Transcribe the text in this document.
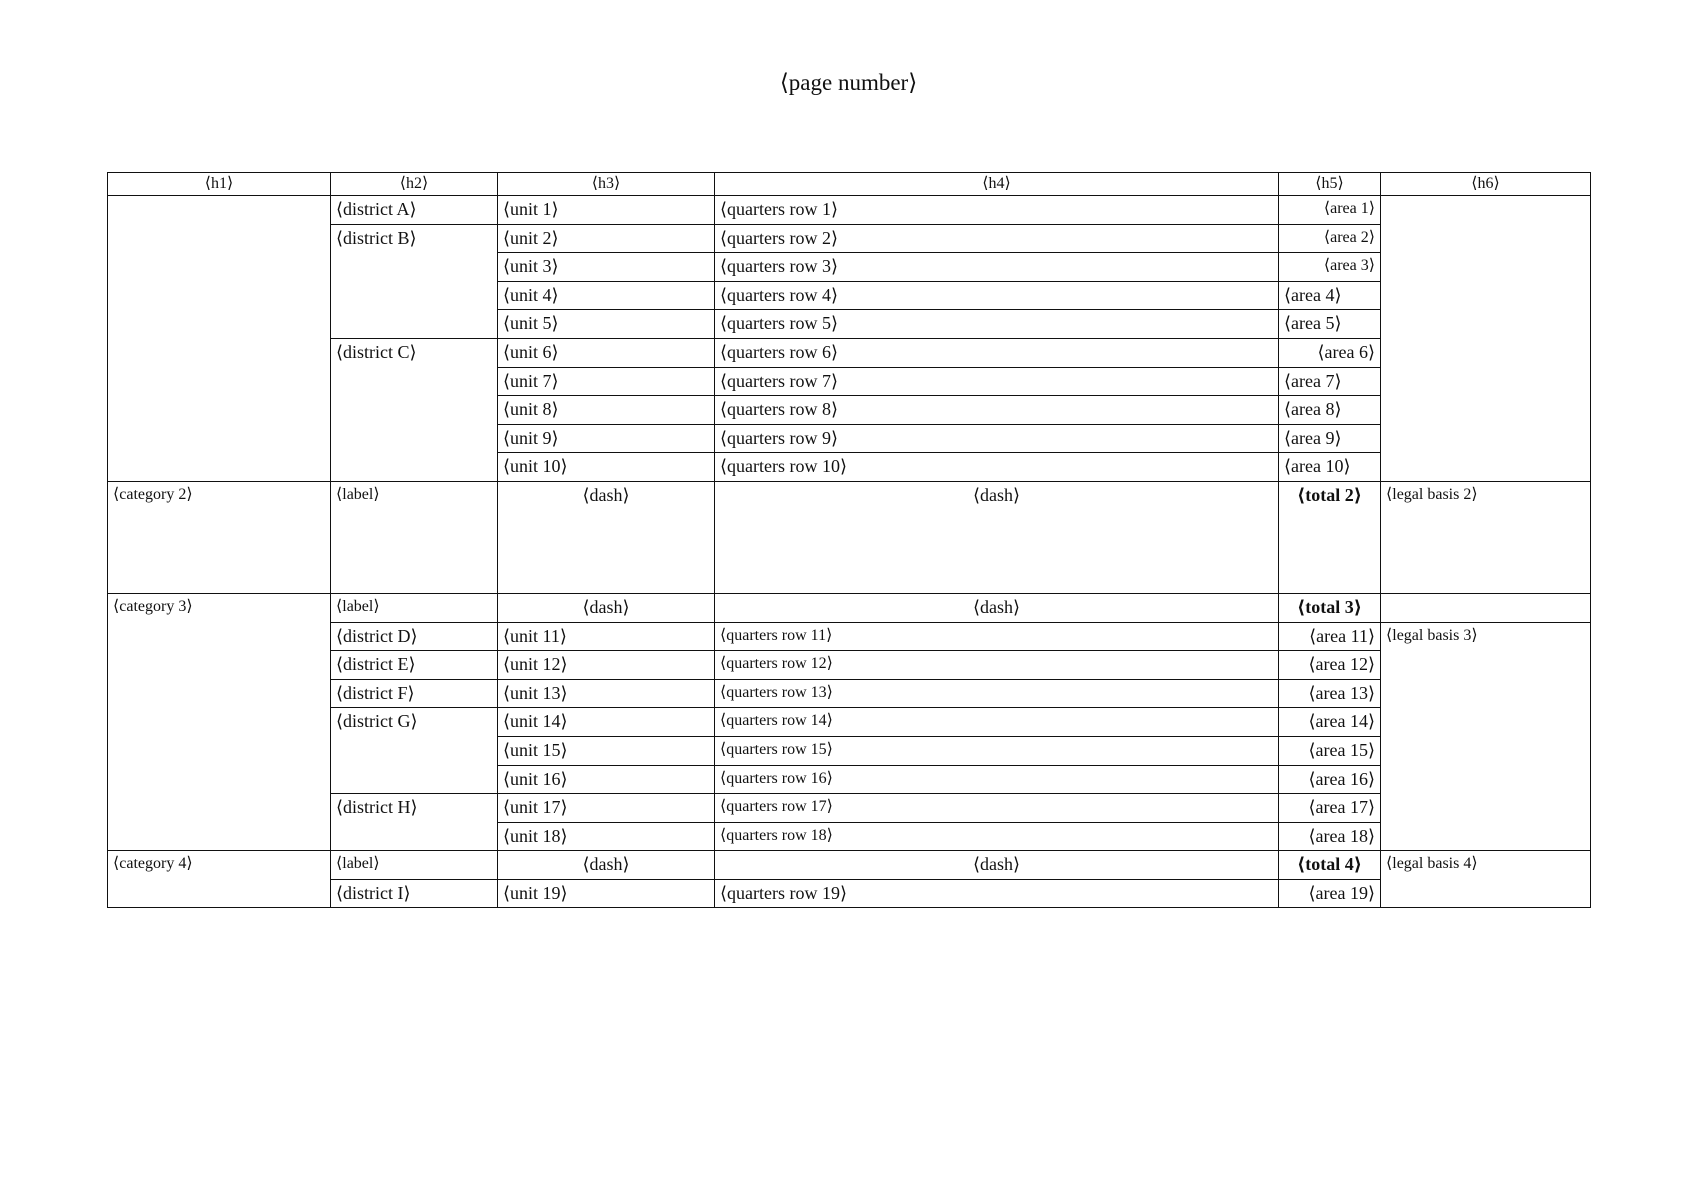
⟨page number⟩
⟨h1⟩	⟨h2⟩	⟨h3⟩	⟨h4⟩	⟨h5⟩	⟨h6⟩
	⟨district A⟩	⟨unit 1⟩	⟨quarters row 1⟩	⟨area 1⟩	
	⟨district B⟩	⟨unit 2⟩	⟨quarters row 2⟩	⟨area 2⟩	
		⟨unit 3⟩	⟨quarters row 3⟩	⟨area 3⟩	
		⟨unit 4⟩	⟨quarters row 4⟩	⟨area 4⟩	
		⟨unit 5⟩	⟨quarters row 5⟩	⟨area 5⟩	
	⟨district C⟩	⟨unit 6⟩	⟨quarters row 6⟩	⟨area 6⟩	
		⟨unit 7⟩	⟨quarters row 7⟩	⟨area 7⟩	
		⟨unit 8⟩	⟨quarters row 8⟩	⟨area 8⟩	
		⟨unit 9⟩	⟨quarters row 9⟩	⟨area 9⟩	
		⟨unit 10⟩	⟨quarters row 10⟩	⟨area 10⟩	
⟨category 2⟩	⟨label⟩	⟨dash⟩	⟨dash⟩	⟨total 2⟩	⟨legal basis 2⟩
⟨category 3⟩	⟨label⟩	⟨dash⟩	⟨dash⟩	⟨total 3⟩	
	⟨district D⟩	⟨unit 11⟩	⟨quarters row 11⟩	⟨area 11⟩	⟨legal basis 3⟩
	⟨district E⟩	⟨unit 12⟩	⟨quarters row 12⟩	⟨area 12⟩	
	⟨district F⟩	⟨unit 13⟩	⟨quarters row 13⟩	⟨area 13⟩	
	⟨district G⟩	⟨unit 14⟩	⟨quarters row 14⟩	⟨area 14⟩	
		⟨unit 15⟩	⟨quarters row 15⟩	⟨area 15⟩	
		⟨unit 16⟩	⟨quarters row 16⟩	⟨area 16⟩	
	⟨district H⟩	⟨unit 17⟩	⟨quarters row 17⟩	⟨area 17⟩	
		⟨unit 18⟩	⟨quarters row 18⟩	⟨area 18⟩	
⟨category 4⟩	⟨label⟩	⟨dash⟩	⟨dash⟩	⟨total 4⟩	⟨legal basis 4⟩
	⟨district I⟩	⟨unit 19⟩	⟨quarters row 19⟩	⟨area 19⟩	
